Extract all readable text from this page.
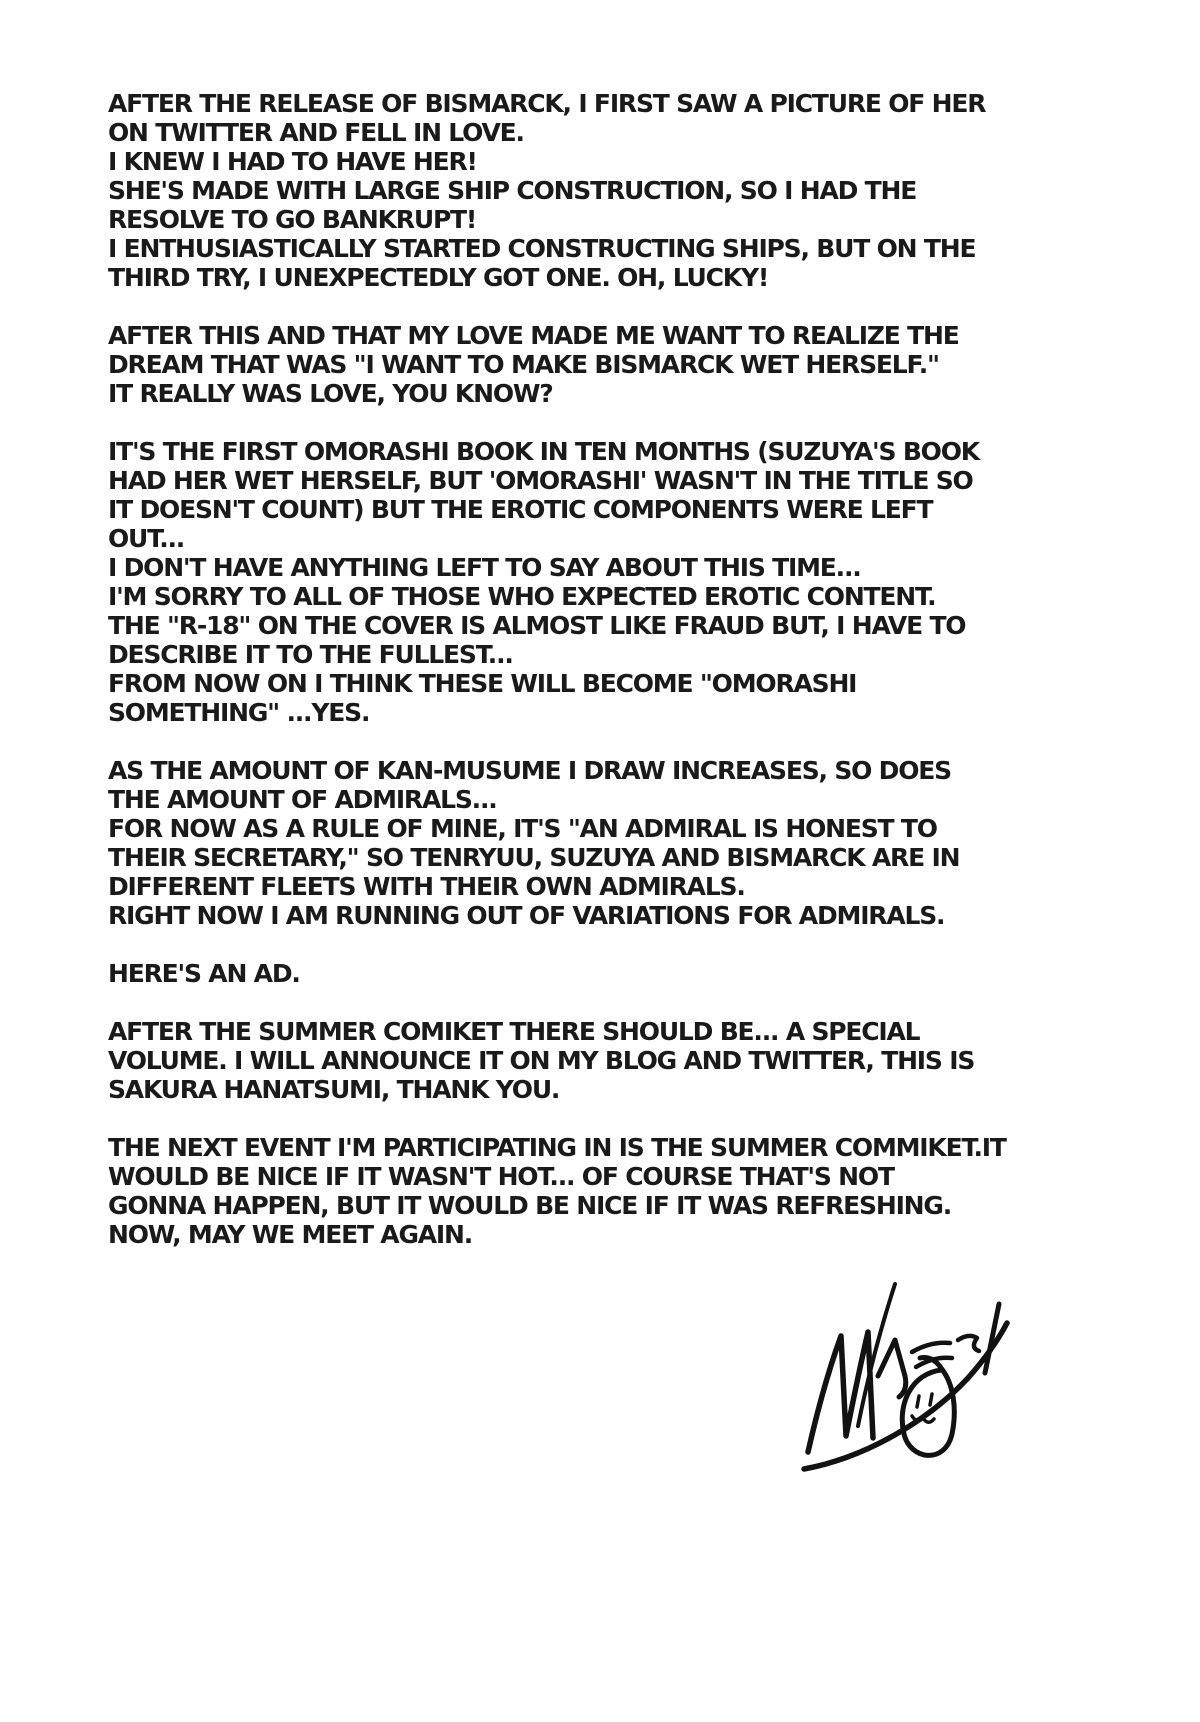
AFTER THE RELEASE OF BISMARCK, I FIRST SAW A PICTURE OF HER
ON TWITTER AND FELL IN LOVE.
I KNEW I HAD TO HAVE HER!
SHE'S MADE WITH LARGE SHIP CONSTRUCTION, SO I HAD THE
RESOLVE TO GO BANKRUPT!
I ENTHUSIASTICALLY STARTED CONSTRUCTING SHIPS, BUT ON THE
THIRD TRY, I UNEXPECTEDLY GOT ONE. OH, LUCKY!
AFTER THIS AND THAT MY LOVE MADE ME WANT TO REALIZE THE
DREAM THAT WAS "I WANT TO MAKE BISMARCK WET HERSELF."
IT REALLY WAS LOVE, YOU KNOW?
IT'S THE FIRST OMORASHI BOOK IN TEN MONTHS (SUZUYA'S BOOK
HAD HER WET HERSELF, BUT 'OMORASHI' WASN'T IN THE TITLE SO
IT DOESN'T COUNT) BUT THE EROTIC COMPONENTS WERE LEFT
OUT...
I DON'T HAVE ANYTHING LEFT TO SAY ABOUT THIS TIME...
I'M SORRY TO ALL OF THOSE WHO EXPECTED EROTIC CONTENT.
THE "R-18" ON THE COVER IS ALMOST LIKE FRAUD BUT, I HAVE TO
DESCRIBE IT TO THE FULLEST...
FROM NOW ON I THINK THESE WILL BECOME "OMORASHI
SOMETHING" ...YES.
AS THE AMOUNT OF KAN-MUSUME I DRAW INCREASES, SO DOES
THE AMOUNT OF ADMIRALS...
FOR NOW AS A RULE OF MINE, IT'S "AN ADMIRAL IS HONEST TO
THEIR SECRETARY," SO TENRYUU, SUZUYA AND BISMARCK ARE IN
DIFFERENT FLEETS WITH THEIR OWN ADMIRALS.
RIGHT NOW I AM RUNNING OUT OF VARIATIONS FOR ADMIRALS.
HERE'S AN AD.
AFTER THE SUMMER COMIKET THERE SHOULD BE... A SPECIAL
VOLUME. I WILL ANNOUNCE IT ON MY BLOG AND TWITTER, THIS IS
SAKURA HANATSUMI, THANK YOU.
THE NEXT EVENT I'M PARTICIPATING IN IS THE SUMMER COMMIKET.IT
WOULD BE NICE IF IT WASN'T HOT... OF COURSE THAT'S NOT
GONNA HAPPEN, BUT IT WOULD BE NICE IF IT WAS REFRESHING.
NOW, MAY WE MEET AGAIN.
